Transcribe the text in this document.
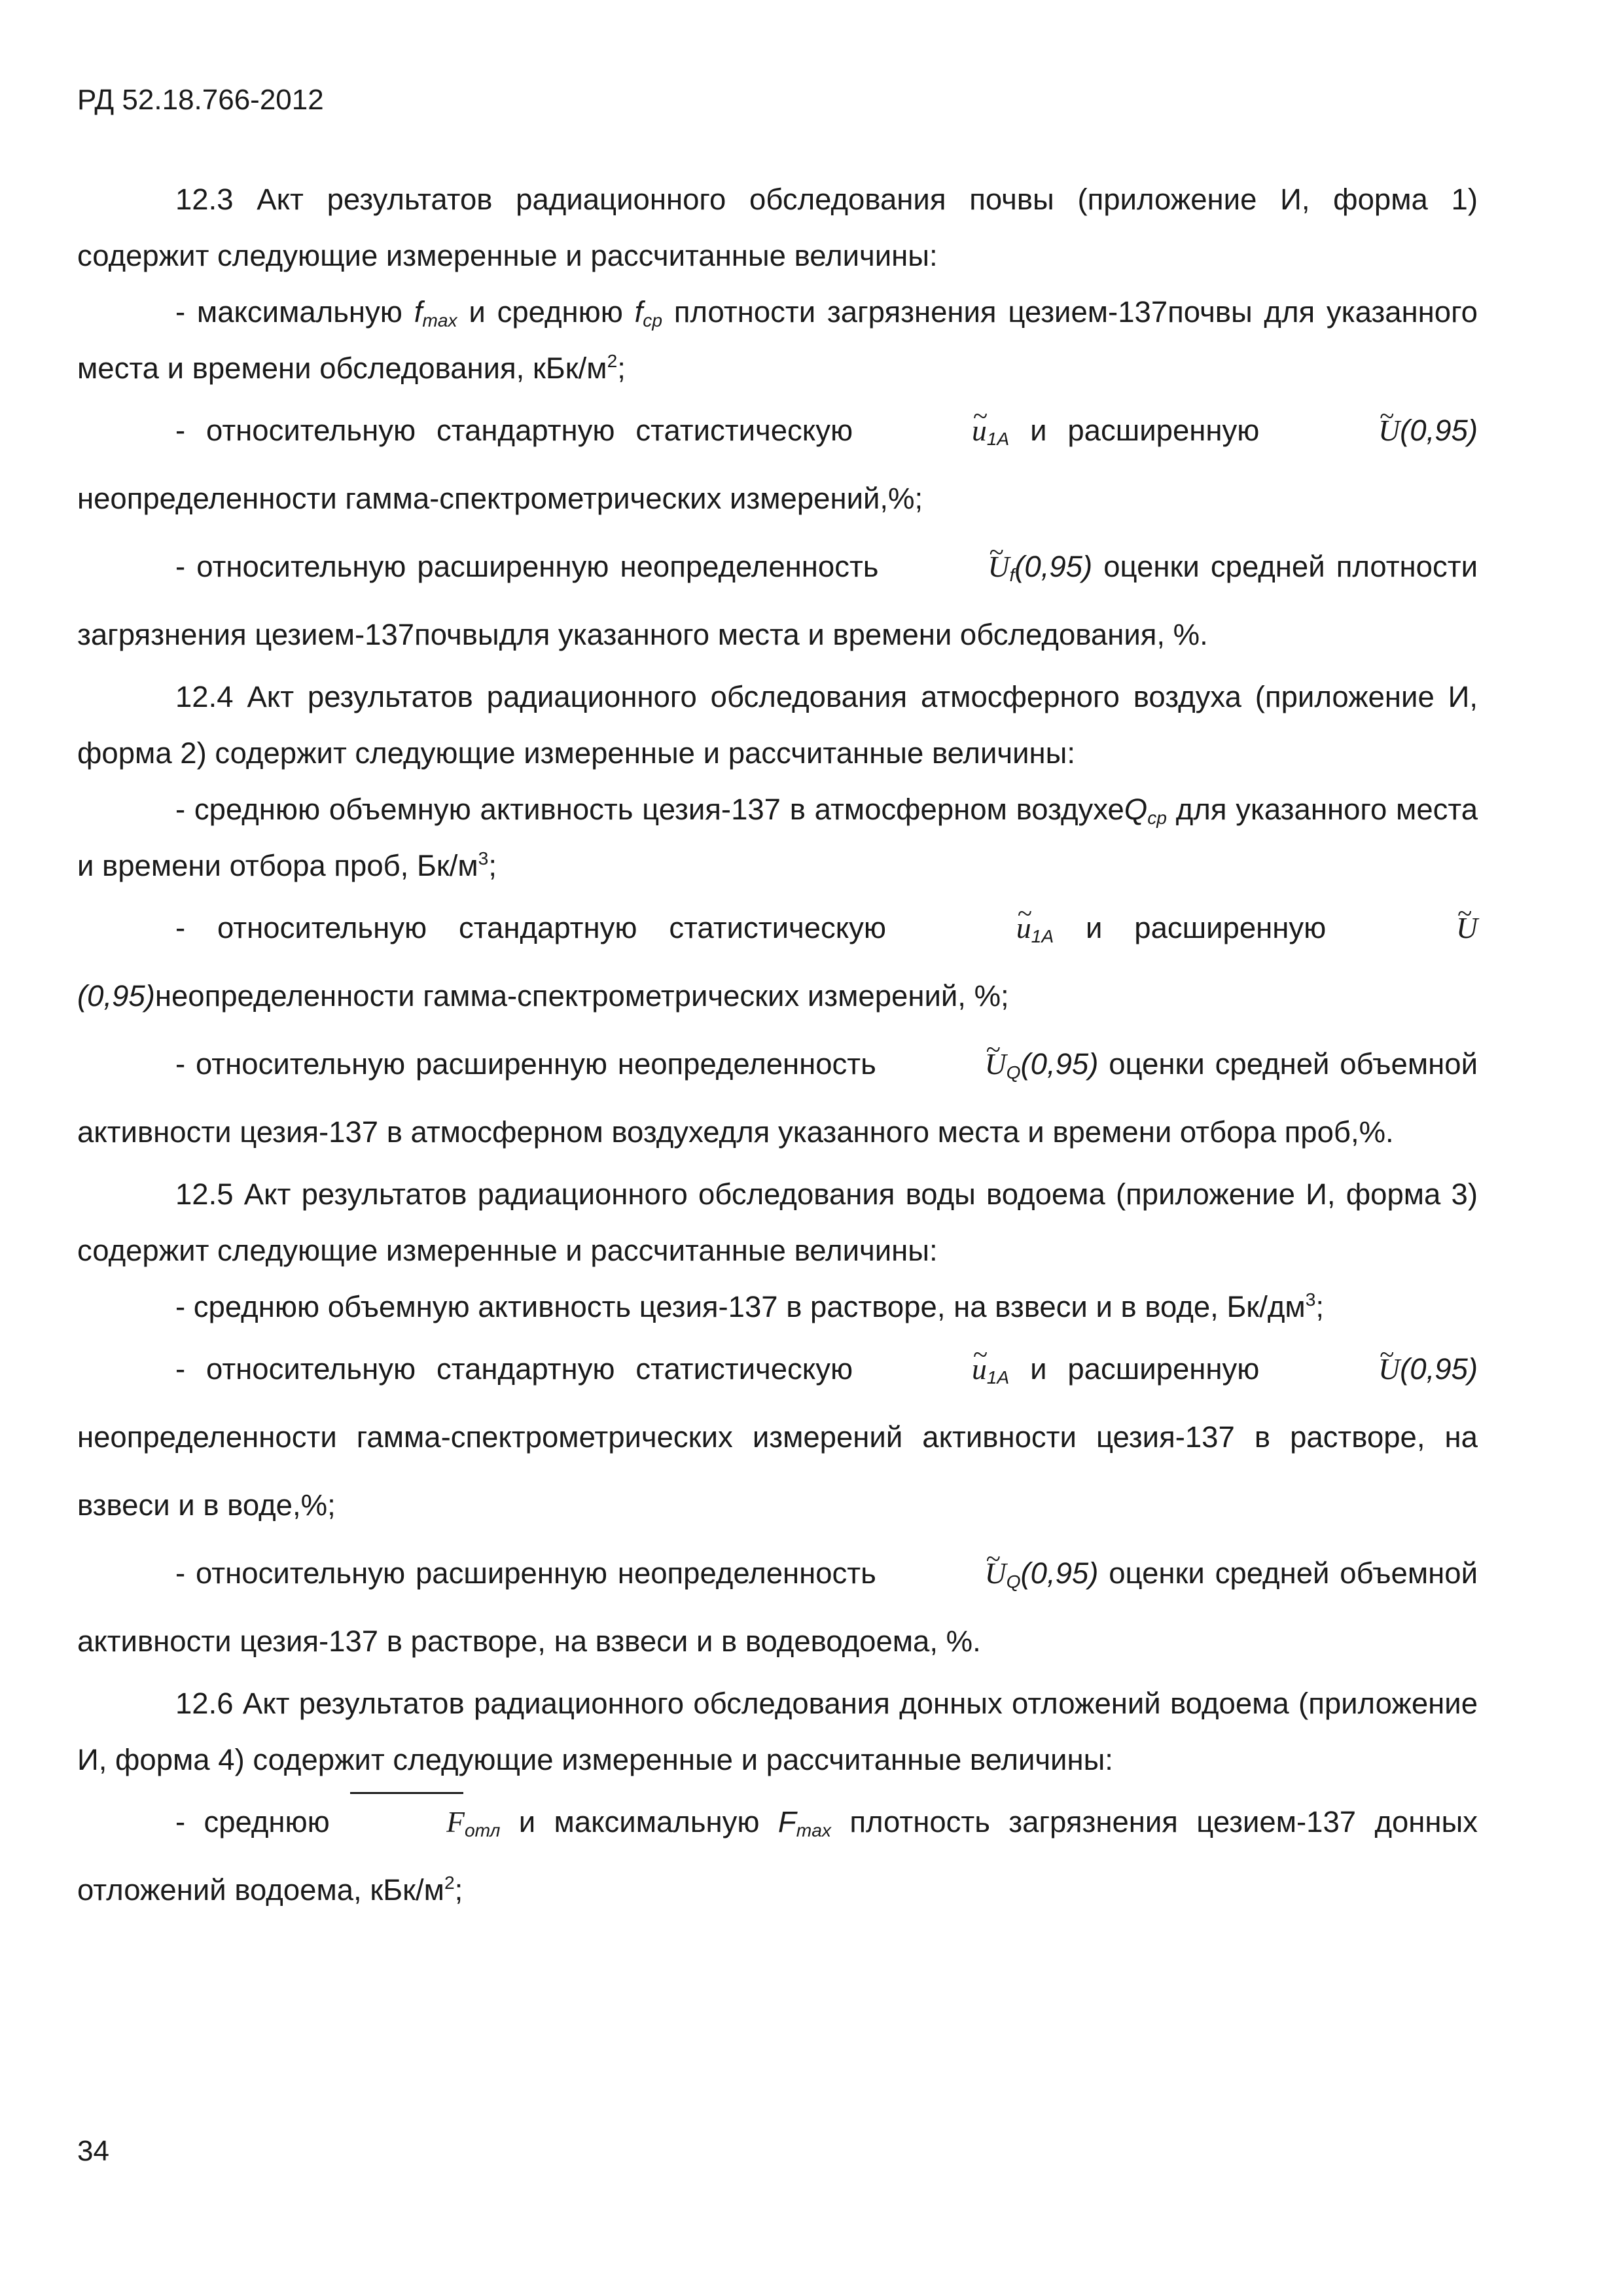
РД 52.18.766-2012

12.3 Акт результатов радиационного обследования почвы (приложение И, форма 1) содержит следующие измеренные и рассчитанные величины:

- максимальную $f_{max}$ и среднюю $f_{ср}$ плотности загрязнения цезием-137почвы для указанного места и времени обследования, кБк/$м^2$;

- относительную стандартную статистическую	~ $u_{1A}$ и расширенную	~ U(0,95) неопределенности гамма-спектрометрических измерений,%;

- относительную расширенную неопределенность	~ $U_f(0,95)$ оценки средней плотности загрязнения цезием-137почвыдля указанного места и времени обследования, %.

12.4 Акт результатов радиационного обследования атмосферного воздуха (приложение И, форма 2) содержит следующие измеренные и рассчитанные величины:

- среднюю объемную активность цезия-137 в атмосферном воздухеQ$_{ср}$ для указанного места и времени отбора проб, $Бк/м^3$;

- относительную стандартную статистическую	~ $u_{1A}$ и расширенную	~ U(0,95)неопределенности гамма-спектрометрических измерений, %;

- относительную расширенную неопределенность	~ $U_Q(0,95)$ оценки средней объемной активности цезия-137 в атмосферном воздухедля указанного места и времени отбора проб,%.

12.5 Акт результатов радиационного обследования воды водоема (приложение И, форма 3) содержит следующие измеренные и рассчитанные величины:

- среднюю объемную активность цезия-137 в растворе, на взвеси и в воде, $Бк/дм^3$;

- относительную стандартную статистическую	~ $u_{1A}$ и расширенную	~ U(0,95) неопределенности гамма-спектрометрических измерений активности цезия-137 в растворе, на взвеси и в воде,%;

- относительную расширенную неопределенность	~ $U_Q(0,95)$ оценки средней объемной активности цезия-137 в растворе, на взвеси и в водеводоема, %.

12.6 Акт результатов радиационного обследования донных отложений водоема (приложение И, форма 4) содержит следующие измеренные и рассчитанные величины:

- среднюю	$F_{отл}$ и максимальную $F_{max}$ плотность загрязнения цезием-137 донных отложений водоема, кБк/$м^2$;

34
